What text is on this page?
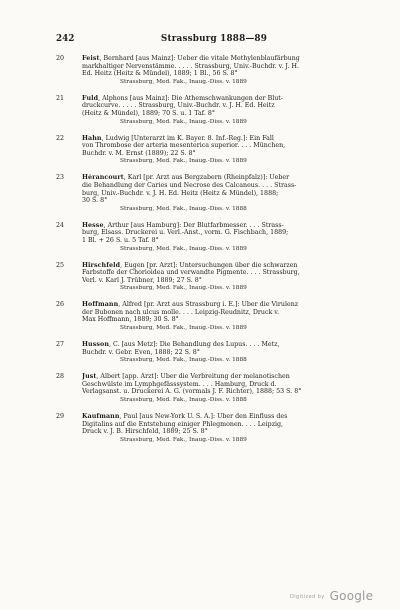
242	Strassburg 1888—89
20	Feist, Bernhard [aus Mainz]: Ueber die vitale Methylenblaufärbung
markhaltiger Nervenstämme. . . . . Strassburg, Univ.-Buchdr. v. J. H.
Ed. Heitz (Heitz & Mündel), 1889; 1 Bl., 56 S. 8°
Strassburg, Med. Fak., Inaug.-Diss. v. 1889
21	Fuld, Alphons [aus Mainz]: Die Athemschwankungen der Blut-
druckcurve. . . . . Strassburg, Univ.-Buchdr. v. J. H. Ed. Heitz
(Heitz & Mündel), 1889; 70 S. u. 1 Taf. 8°
Strassburg, Med. Fak., Inaug.-Diss. v. 1889
22	Hahn, Ludwig [Unterarzt im K. Bayer. 8. Inf.-Reg.]: Ein Fall
von Thrombose der arteria mesenterica superior. . . . München,
Buchdr. v. M. Ernst (1889); 22 S. 8°
Strassburg, Med. Fak., Inaug.-Diss. v. 1889
23	Hérancourt, Karl [pr. Arzt aus Bergzabern (Rheinpfalz)]: Ueber
die Behandlung der Caries und Necrose des Calcaneus. . . . Strass-
burg, Univ.-Buchdr. v. J. H. Ed. Heitz (Heitz & Mündel), 1888;
30 S. 8°
Strassburg, Med. Fak., Inaug.-Diss. v. 1888
24	Hesse, Arthur [aus Hamburg]: Der Blutfarbmesser. . . . Strass-
burg, Elsass. Druckerei u. Verl.-Anst., vorm. G. Fischbach, 1889;
1 Bl. + 26 S. u. 5 Taf. 8°
Strassburg, Med. Fak., Inaug.-Diss. v. 1889
25	Hirschfeld, Eugen [pr. Arzt]: Untersuchungen über die schwarzen
Farbstoffe der Chorioidea und verwandte Pigmente. . . . Strassburg,
Verl. v. Karl J. Trübner, 1889; 27 S. 8°
Strassburg, Med. Fak., Inaug.-Diss. v. 1889
26	Hoffmann, Alfred [pr. Arzt aus Strassburg i. E.]: Über die Virulenz
der Bubonen nach ulcus molle. . . . Leipzig-Reudnitz, Druck v.
Max Hoffmann, 1889; 30 S. 8°
Strassburg, Med. Fak., Inaug.-Diss. v. 1889
27	Husson, C. [aus Metz]: Die Behandlung des Lupus. . . . Metz,
Buchdr. v. Gebr. Even, 1888; 22 S. 8°
Strassburg, Med. Fak., Inaug.-Diss. v. 1888
28	Just, Albert [app. Arzt]: Über die Verbreitung der melanotischen
Geschwülste im Lymphgefässsystem. . . . Hamburg, Druck d.
Verlagsanst. u. Druckerei A. G. (vormals J. F. Richter), 1888; 53 S. 8°
Strassburg, Med. Fak., Inaug.-Diss. v. 1888
29	Kaufmann, Paul [aus New-York U. S. A.]: Über den Einfluss des
Digitalins auf die Entstehung einiger Phlegmonen. . . . Leipzig,
Druck v. J. B. Hirschfeld, 1889; 25 S. 8°
Strassburg, Med. Fak., Inaug.-Diss. v. 1889
Digitized by Google
